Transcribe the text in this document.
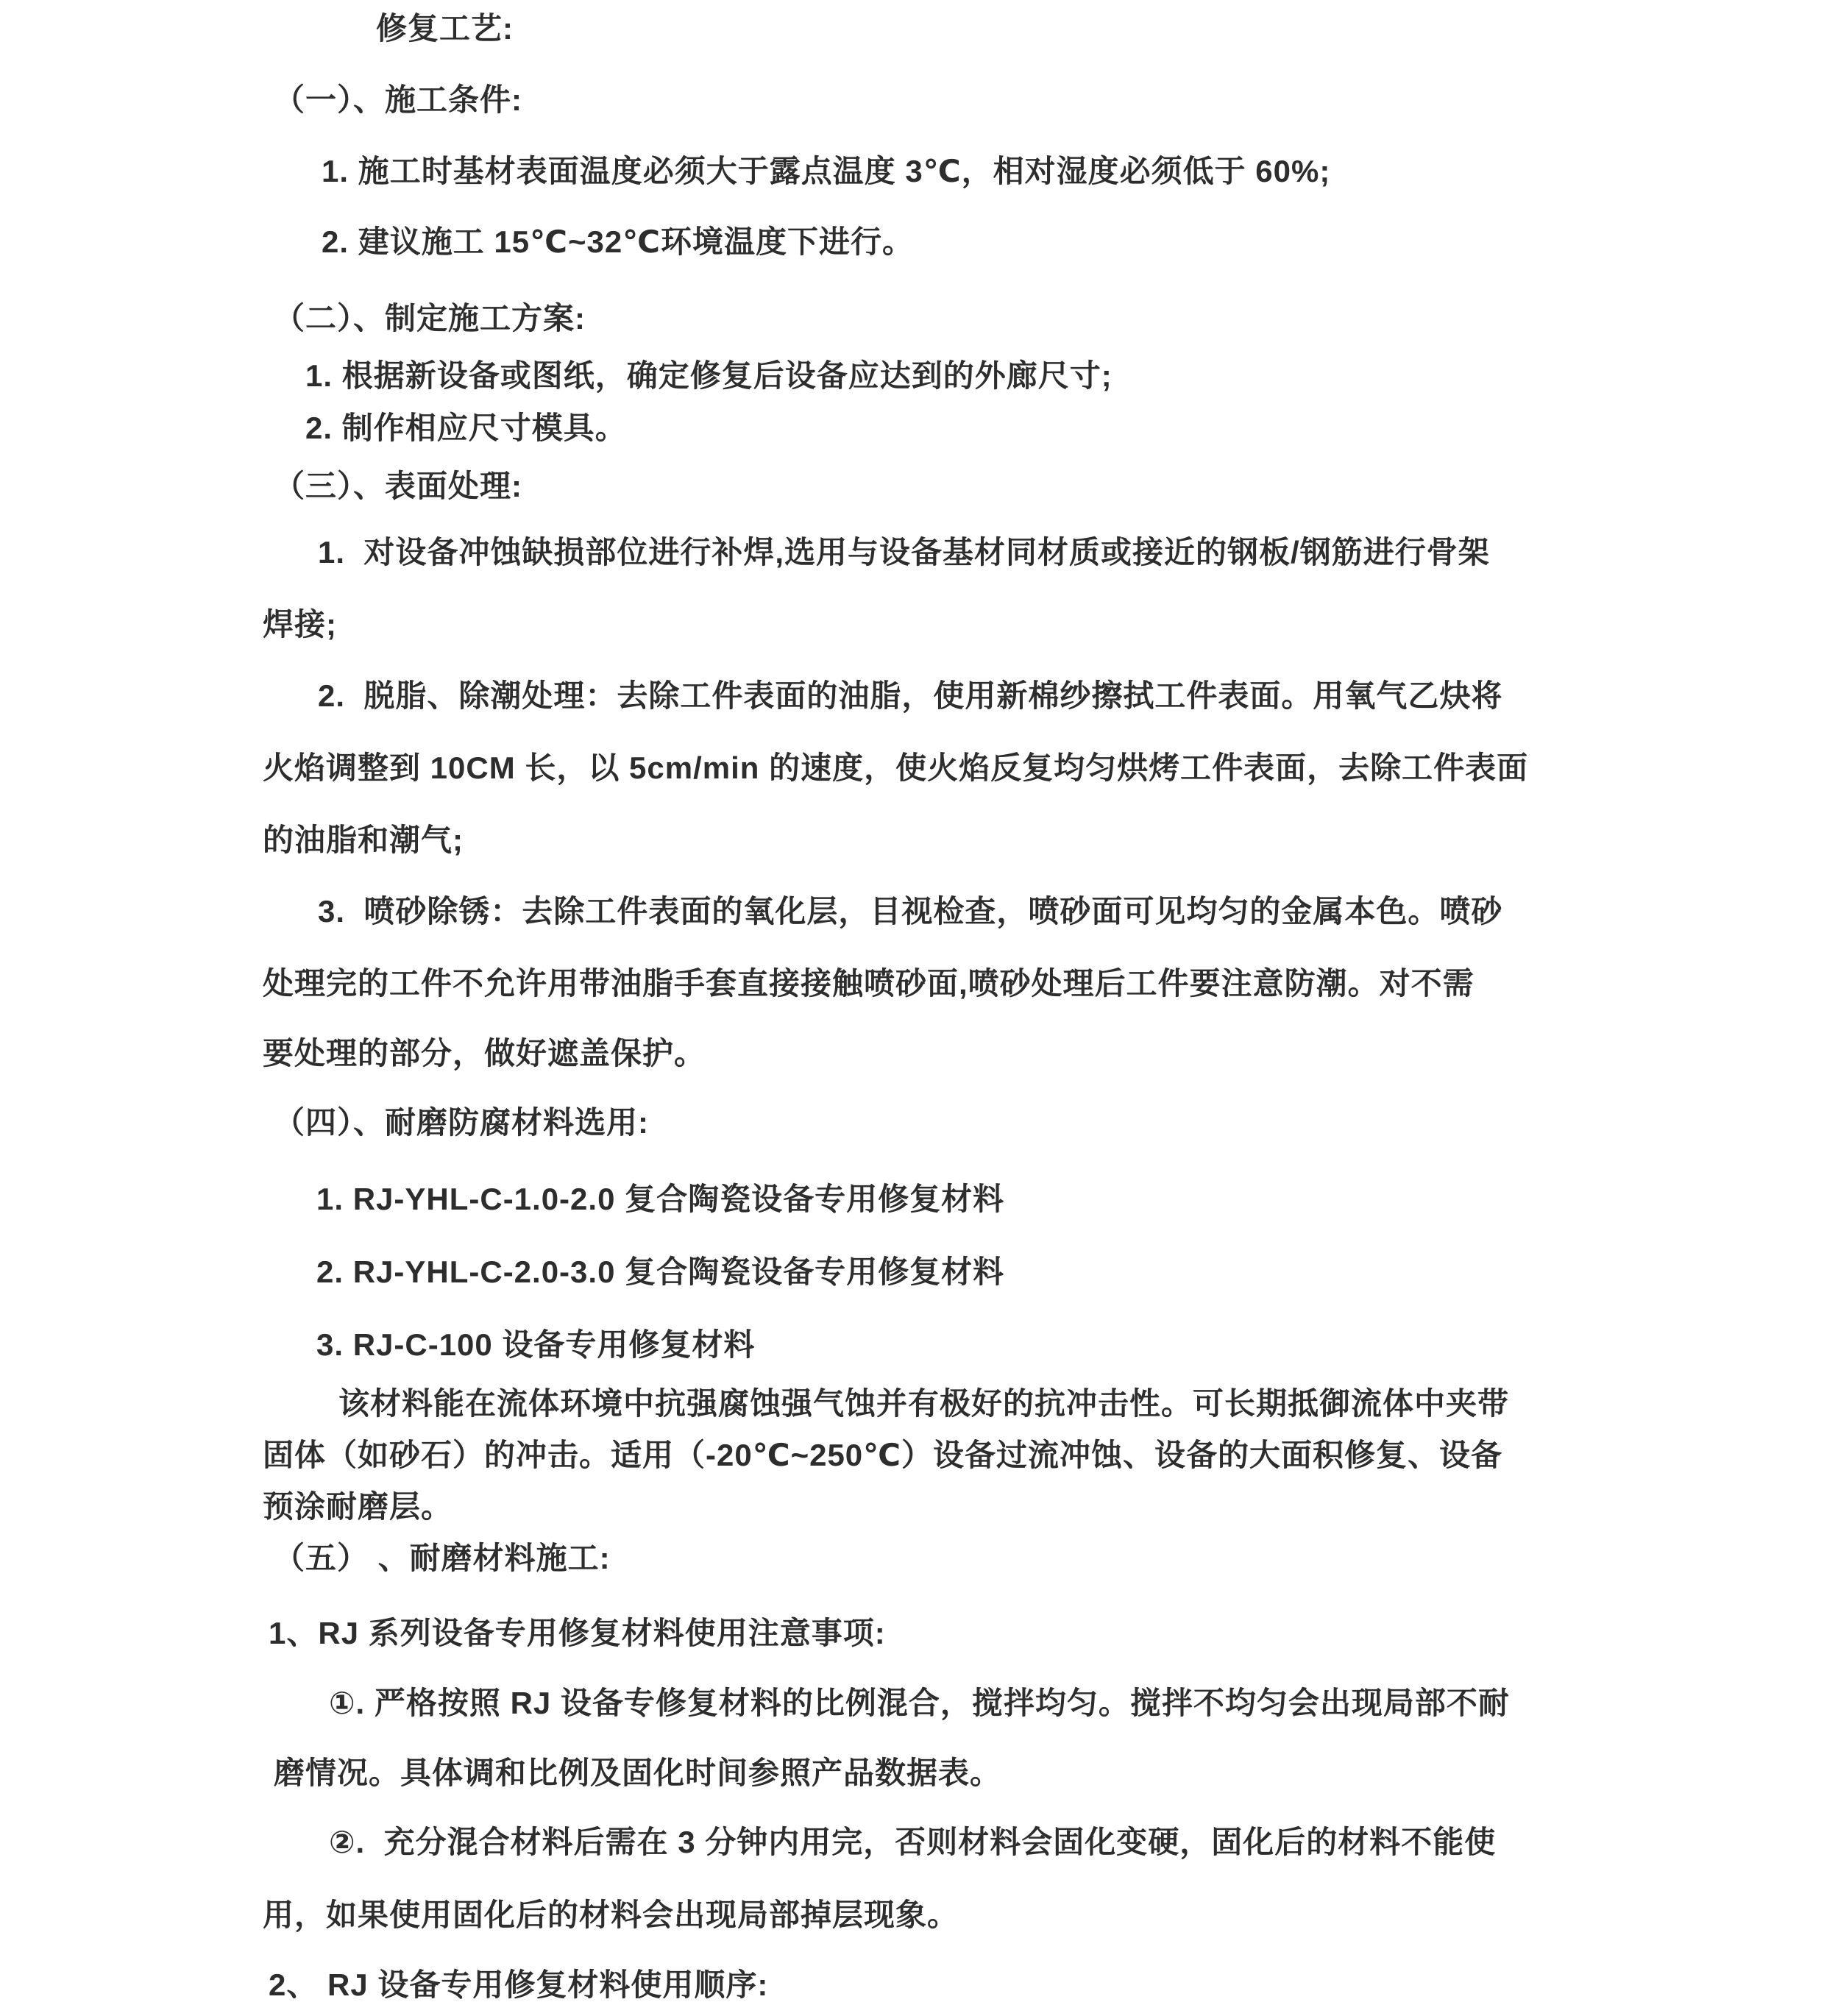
修复工艺:
（一）、施工条件:
1. 施工时基材表面温度必须大于露点温度 3℃，相对湿度必须低于 60%;
2. 建议施工 15℃~32℃环境温度下进行。
（二）、制定施工方案:
1. 根据新设备或图纸，确定修复后设备应达到的外廊尺寸;
2. 制作相应尺寸模具。
（三）、表面处理:
1.  对设备冲蚀缺损部位进行补焊,选用与设备基材同材质或接近的钢板/钢筋进行骨架
焊接;
2.  脱脂、除潮处理：去除工件表面的油脂，使用新棉纱擦拭工件表面。用氧气乙炔将
火焰调整到 10CM 长，以 5cm/min 的速度，使火焰反复均匀烘烤工件表面，去除工件表面
的油脂和潮气;
3.  喷砂除锈：去除工件表面的氧化层，目视检查，喷砂面可见均匀的金属本色。喷砂
处理完的工件不允许用带油脂手套直接接触喷砂面,喷砂处理后工件要注意防潮。对不需
要处理的部分，做好遮盖保护。
（四）、耐磨防腐材料选用:
1. RJ-YHL-C-1.0-2.0 复合陶瓷设备专用修复材料
2. RJ-YHL-C-2.0-3.0 复合陶瓷设备专用修复材料
3. RJ-C-100 设备专用修复材料
该材料能在流体环境中抗强腐蚀强气蚀并有极好的抗冲击性。可长期抵御流体中夹带
固体（如砂石）的冲击。适用（-20℃~250℃）设备过流冲蚀、设备的大面积修复、设备
预涂耐磨层。
（五） 、耐磨材料施工:
1、RJ 系列设备专用修复材料使用注意事项:
①. 严格按照 RJ 设备专修复材料的比例混合，搅拌均匀。搅拌不均匀会出现局部不耐
磨情况。具体调和比例及固化时间参照产品数据表。
②.  充分混合材料后需在 3 分钟内用完，否则材料会固化变硬，固化后的材料不能使
用，如果使用固化后的材料会出现局部掉层现象。
2、 RJ 设备专用修复材料使用顺序:
